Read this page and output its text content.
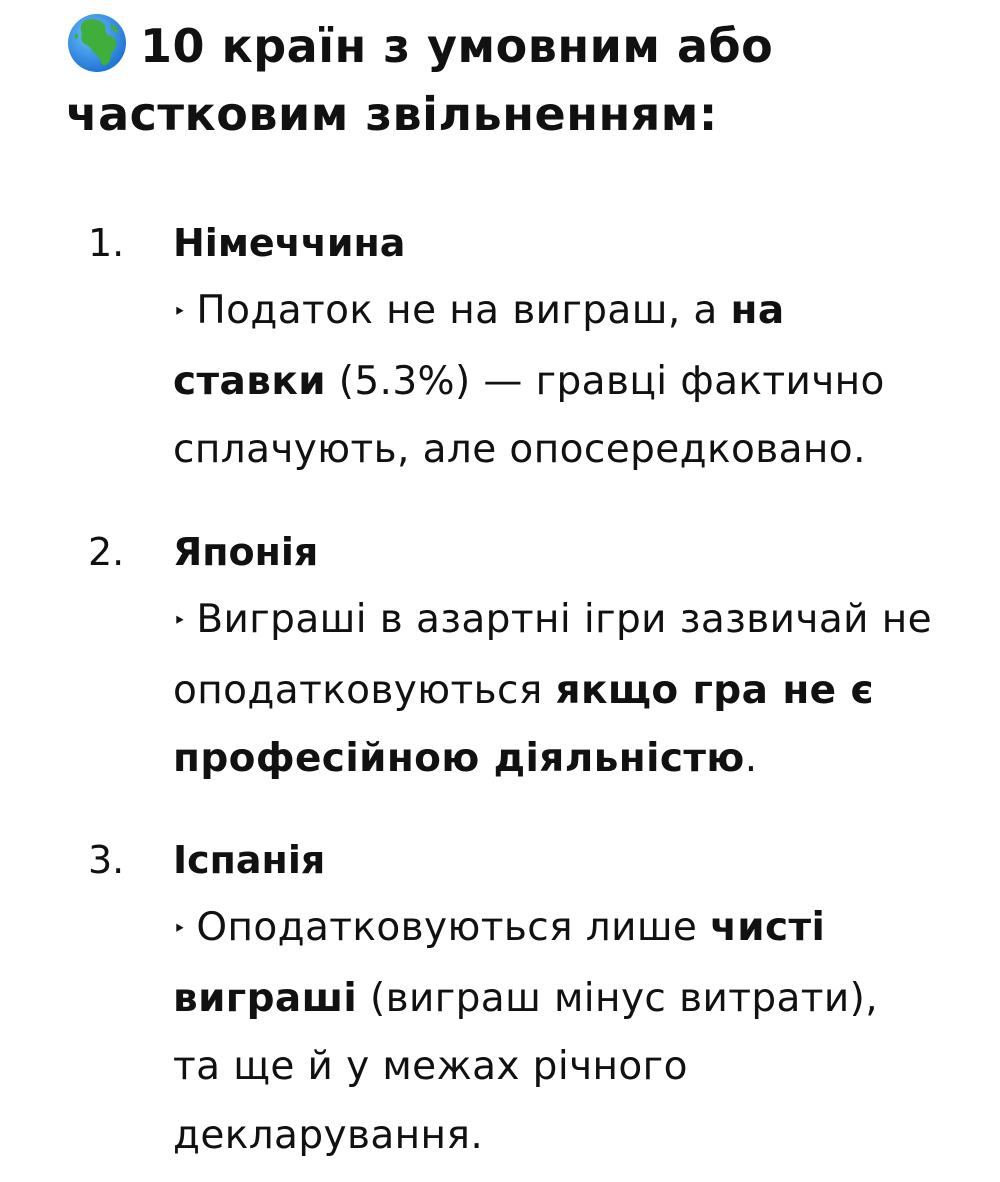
10 країн з умовним або частковим звільненням:
1. Німеччина

‣ Податок не на виграш, а на ставки (5.3%) — гравці фактично сплачують, але опосередковано.

2. Японія

‣ Виграші в азартні ігри зазвичай не оподатковуються якщо гра не є професійною діяльністю.

3. Іспанія

‣ Оподатковуються лише чисті виграші (виграш мінус витрати), та ще й у межах річного декларування.
